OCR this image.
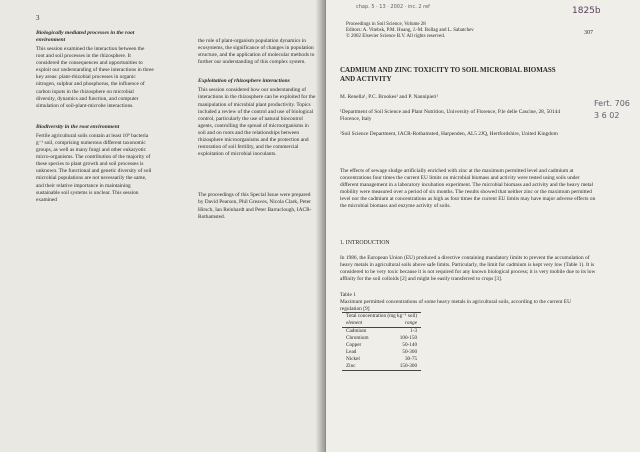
3

Biologically mediated processes in the root environment

This session examined the interaction between the root and soil processes in the rhizosphere. It considered the consequences and opportunities to exploit our understanding of these interactions in three key areas: plant-rhizobial processes in organic nitrogen, sulphur and phosphorus, the influence of carbon inputs in the rhizosphere on microbial diversity, dynamics and function, and computer simulation of soil-plant-microbe interactions.

Biodiversity in the root environment

Fertile agricultural soils contain at least 10⁹ bacteria g⁻¹ soil, comprising numerous different taxonomic groups, as well as many fungi and other eukaryotic micro-organisms. The contribution of the majority of these species to plant growth and soil processes is unknown. The functional and genetic diversity of soil microbial populations are not necessarily the same, and their relative importance in maintaining sustainable soil systems is unclear. This session examined

the role of plant-organism population dynamics in ecosystems, the significance of changes in population structure, and the application of molecular methods to further our understanding of this complex system.

Exploitation of rhizosphere interactions

This session considered how our understanding of interactions in the rhizosphere can be exploited for the manipulation of microbial plant productivity. Topics included a review of the control and use of biological control, particularly the use of natural biocontrol agents, controlling the spread of microorganisms in soil and on roots and the relationships between rhizosphere microorganisms and the protection and restoration of soil fertility, and the commercial exploitation of microbial inoculants.

The proceedings of this Special Issue were prepared by David Pearson, Phil Greaves, Nicola Clark, Peter Hirsch, Ian Reinhardt and Peter Barraclough, IACR-Rothamsted.

chap. 5 · 13 · 2002 · inc. 2 ref	1825b
Proceedings in Soil Science, Volume 28
Editors: A. Vitebsk, P.M. Huang, J.-M. Bollag and L. Sabatchev
© 2002 Elsevier Science B.V. All rights reserved.
307
CADMIUM AND ZINC TOXICITY TO SOIL MICROBIAL BIOMASS AND ACTIVITY

M. Renella¹, P.C. Brookes² and P. Nannipieri¹

¹Department of Soil Science and Plant Nutrition, University of Florence, P.le delle Cascine, 28, 50144 Florence, Italy

²Soil Science Department, IACR-Rothamsted, Harpenden, AL5 2JQ, Hertfordshire, United Kingdom

Fert. 706
3 6 02
The effects of sewage sludge artificially enriched with zinc at the maximum permitted level and cadmium at concentrations four times the current EU limits on microbial biomass and activity were tested using soils under different management in a laboratory incubation experiment. The microbial biomass and activity and the heavy metal mobility were measured over a period of six months. The results showed that neither zinc or the maximum permitted level nor the cadmium at concentrations as high as four times the current EU limits may have major adverse effects on the microbial biomass and enzyme activity of soils.

1. INTRODUCTION

In 1986, the European Union (EU) produced a directive containing mandatory limits to prevent the accumulation of heavy metals in agricultural soils above safe limits. Particularly, the limit for cadmium is kept very low (Table 1). It is considered to be very toxic because it is not required for any known biological process; it is very mobile due to its low affinity for the soil colloids [2] and might be easily transferred to crops [3].

Table 1
Maximum permitted concentrations of some heavy metals in agricultural soils, according to the current EU regulation [9]
Total concentration (mg kg⁻¹ soil)	
element	range
Cadmium	1-3
Chromium	100-150
Copper	50-140
Lead	50-300
Nickel	30-75
Zinc	150-300
